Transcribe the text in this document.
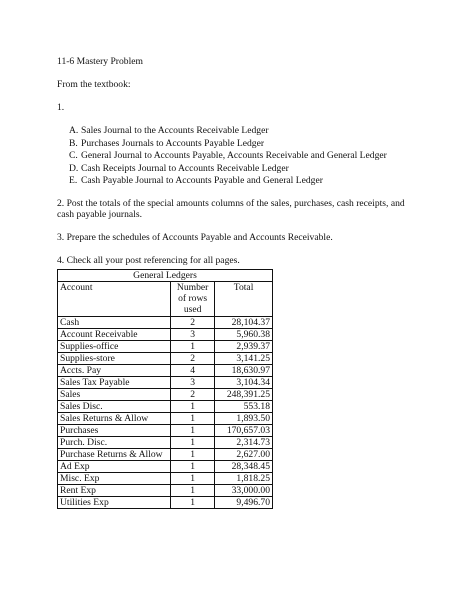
11-6 Mastery Problem
From the textbook:
1.
A. Sales Journal to the Accounts Receivable Ledger
B. Purchases Journals to Accounts Payable Ledger
C. General Journal to Accounts Payable, Accounts Receivable and General Ledger
D. Cash Receipts Journal to Accounts Receivable Ledger
E. Cash Payable Journal to Accounts Payable and General Ledger
2. Post the totals of the special amounts columns of the sales, purchases, cash receipts, and cash payable journals.
3. Prepare the schedules of Accounts Payable and Accounts Receivable.
4. Check all your post referencing for all pages.
General Ledgers		
Account	Number
of rows
used	Total
Cash	2	28,104.37
Account Receivable	3	5,960.38
Supplies-office	1	2,939.37
Supplies-store	2	3,141.25
Accts. Pay	4	18,630.97
Sales Tax Payable	3	3,104.34
Sales	2	248,391.25
Sales Disc.	1	553.18
Sales Returns & Allow	1	1,893.50
Purchases	1	170,657.03
Purch. Disc.	1	2,314.73
Purchase Returns & Allow	1	2,627.00
Ad Exp	1	28,348.45
Misc. Exp	1	1,818.25
Rent Exp	1	33,000.00
Utilities Exp	1	9,496.70
